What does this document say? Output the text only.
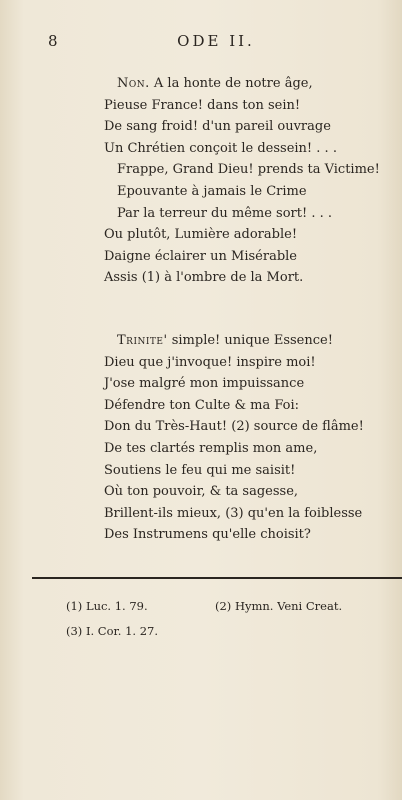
8	ODE II.
Non. A la honte de notre âge,
Pieuse France! dans ton sein!
De sang froid! d'un pareil ouvrage
Un Chrétien conçoit le dessein! . . .
Frappe, Grand Dieu! prends ta Victime!
Epouvante à jamais le Crime
Par la terreur du même sort! . . .
Ou plutôt, Lumière adorable!
Daigne éclairer un Misérable
Assis (1) à l'ombre de la Mort.
Trinite' simple! unique Essence!
Dieu que j'invoque! inspire moi!
J'ose malgré mon impuissance
Défendre ton Culte & ma Foi:
Don du Très-Haut! (2) source de flâme!
De tes clartés remplis mon ame,
Soutiens le feu qui me saisit!
Où ton pouvoir, & ta sagesse,
Brillent-ils mieux, (3) qu'en la foiblesse
Des Instrumens qu'elle choisit?
(1) Luc. 1. 79.	(2) Hymn. Veni Creat.
(3) I. Cor. 1. 27.
